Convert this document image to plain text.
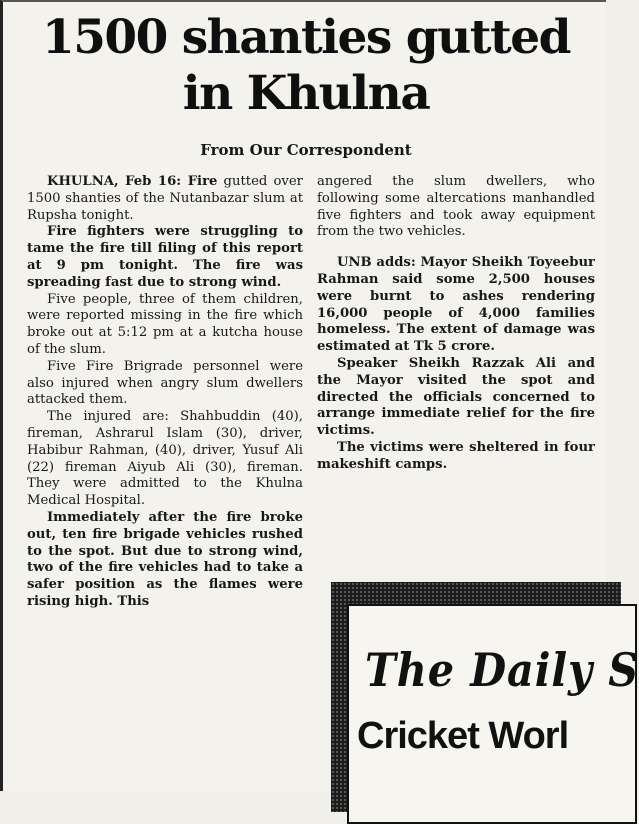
1500 shanties gutted
in Khulna
From Our Correspondent

KHULNA, Feb 16: Fire gutted over 1500 shanties of the Nutanbazar slum at Rupsha tonight.

Fire fighters were struggling to tame the fire till filing of this report at 9 pm tonight. The fire was spreading fast due to strong wind.

Five people, three of them children, were reported missing in the fire which broke out at 5:12 pm at a kutcha house of the slum.

Five Fire Brigrade personnel were also injured when angry slum dwellers attacked them.

The injured are: Shahbuddin (40), fireman, Ashrarul Islam (30), driver, Habibur Rahman, (40), driver, Yusuf Ali (22) fireman Aiyub Ali (30), fireman. They were admitted to the Khulna Medical Hospital.

Immediately after the fire broke out, ten fire brigade vehicles rushed to the spot. But due to strong wind, two of the fire vehicles had to take a safer position as the flames were rising high. This

angered the slum dwellers, who following some altercations manhandled five fighters and took away equipment from the two vehicles.

UNB adds: Mayor Sheikh Toyeebur Rahman said some 2,500 houses were burnt to ashes rendering 16,000 people of 4,000 families homeless. The extent of damage was estimated at Tk 5 crore.

Speaker Sheikh Razzak Ali and the Mayor visited the spot and directed the officials concerned to arrange immediate relief for the fire victims.

The victims were sheltered in four makeshift camps.

The Daily S
Cricket Worl
